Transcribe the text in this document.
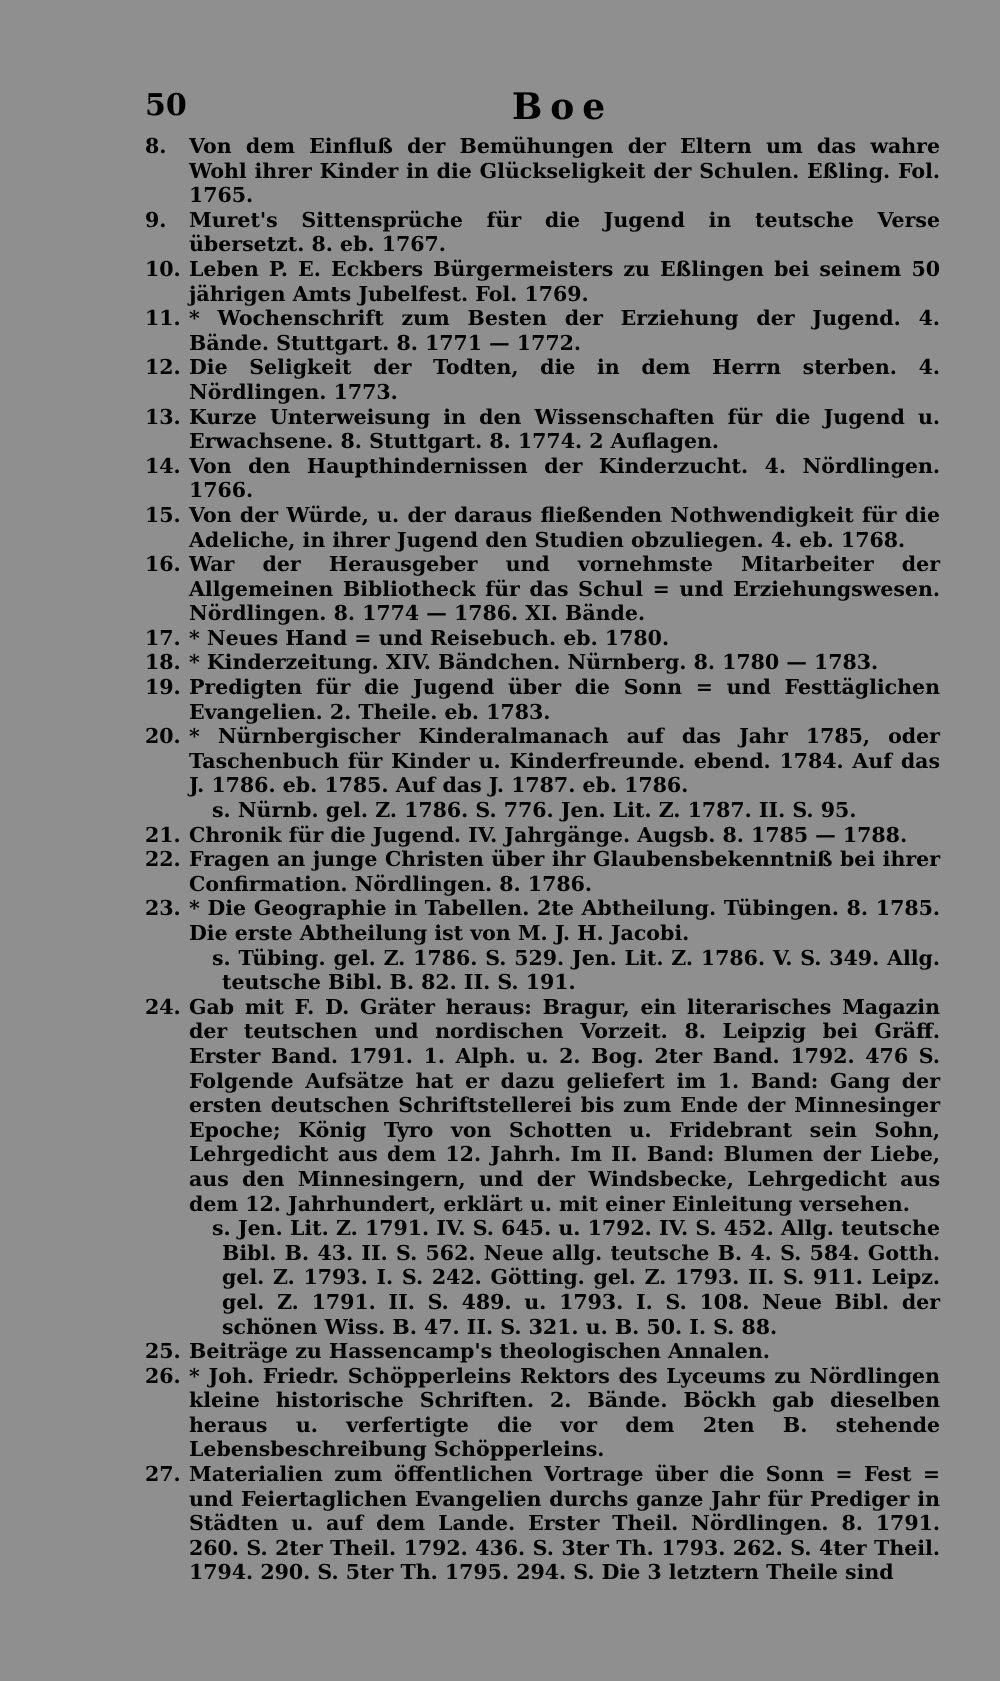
50	Boe
8.	Von dem Einfluß der Bemühungen der Eltern um das wahre Wohl ihrer Kinder in die Glückseligkeit der Schulen. Eßling. Fol. 1765.
9.	Muret's Sittensprüche für die Jugend in teutsche Verse übersetzt. 8. eb. 1767.
10. Leben P. E. Eckbers Bürgermeisters zu Eßlingen bei seinem 50 jährigen Amts Jubelfest. Fol. 1769.
11. * Wochenschrift zum Besten der Erziehung der Jugend. 4. Bände. Stuttgart. 8. 1771 — 1772.
12. Die Seligkeit der Todten, die in dem Herrn sterben. 4. Nördlingen. 1773.
13. Kurze Unterweisung in den Wissenschaften für die Jugend u. Erwachsene. 8. Stuttgart. 8. 1774. 2 Auflagen.
14. Von den Haupthindernissen der Kinderzucht. 4. Nördlingen. 1766.
15. Von der Würde, u. der daraus fließenden Nothwendigkeit für die Adeliche, in ihrer Jugend den Studien obzuliegen. 4. eb. 1768.
16. War der Herausgeber und vornehmste Mitarbeiter der Allgemeinen Bibliotheck für das Schul = und Erziehungswesen. Nördlingen. 8. 1774 — 1786. XI. Bände.
17. * Neues Hand = und Reisebuch. eb. 1780.
18. * Kinderzeitung. XIV. Bändchen. Nürnberg. 8. 1780 — 1783.
19. Predigten für die Jugend über die Sonn = und Festtäglichen Evangelien. 2. Theile. eb. 1783.
20. * Nürnbergischer Kinderalmanach auf das Jahr 1785, oder Taschenbuch für Kinder u. Kinderfreunde. ebend. 1784. Auf das J. 1786. eb. 1785. Auf das J. 1787. eb. 1786.
s. Nürnb. gel. Z. 1786. S. 776. Jen. Lit. Z. 1787. II. S. 95.
21. Chronik für die Jugend. IV. Jahrgänge. Augsb. 8. 1785 — 1788.
22. Fragen an junge Christen über ihr Glaubensbekenntniß bei ihrer Confirmation. Nördlingen. 8. 1786.
23. * Die Geographie in Tabellen. 2te Abtheilung. Tübingen. 8. 1785. Die erste Abtheilung ist von M. J. H. Jacobi.
s. Tübing. gel. Z. 1786. S. 529. Jen. Lit. Z. 1786. V. S. 349. Allg. teutsche Bibl. B. 82. II. S. 191.
24. Gab mit F. D. Gräter heraus: Bragur, ein literarisches Magazin der teutschen und nordischen Vorzeit. 8. Leipzig bei Gräff. Erster Band. 1791. 1. Alph. u. 2. Bog. 2ter Band. 1792. 476 S. Folgende Aufsätze hat er dazu geliefert im 1. Band: Gang der ersten deutschen Schriftstellerei bis zum Ende der Minnesinger Epoche; König Tyro von Schotten u. Fridebrant sein Sohn, Lehrgedicht aus dem 12. Jahrh. Im II. Band: Blumen der Liebe, aus den Minnesingern, und der Windsbecke, Lehrgedicht aus dem 12. Jahrhundert, erklärt u. mit einer Einleitung versehen.
s. Jen. Lit. Z. 1791. IV. S. 645. u. 1792. IV. S. 452. Allg. teutsche Bibl. B. 43. II. S. 562. Neue allg. teutsche B. 4. S. 584. Gotth. gel. Z. 1793. I. S. 242. Götting. gel. Z. 1793. II. S. 911. Leipz. gel. Z. 1791. II. S. 489. u. 1793. I. S. 108. Neue Bibl. der schönen Wiss. B. 47. II. S. 321. u. B. 50. I. S. 88.
25. Beiträge zu Hassencamp's theologischen Annalen.
26. * Joh. Friedr. Schöpperleins Rektors des Lyceums zu Nördlingen kleine historische Schriften. 2. Bände. Böckh gab dieselben heraus u. verfertigte die vor dem 2ten B. stehende Lebensbeschreibung Schöpperleins.
27. Materialien zum öffentlichen Vortrage über die Sonn = Fest = und Feiertaglichen Evangelien durchs ganze Jahr für Prediger in Städten u. auf dem Lande. Erster Theil. Nördlingen. 8. 1791. 260. S. 2ter Theil. 1792. 436. S. 3ter Th. 1793. 262. S. 4ter Theil. 1794. 290. S. 5ter Th. 1795. 294. S. Die 3 letztern Theile sind
